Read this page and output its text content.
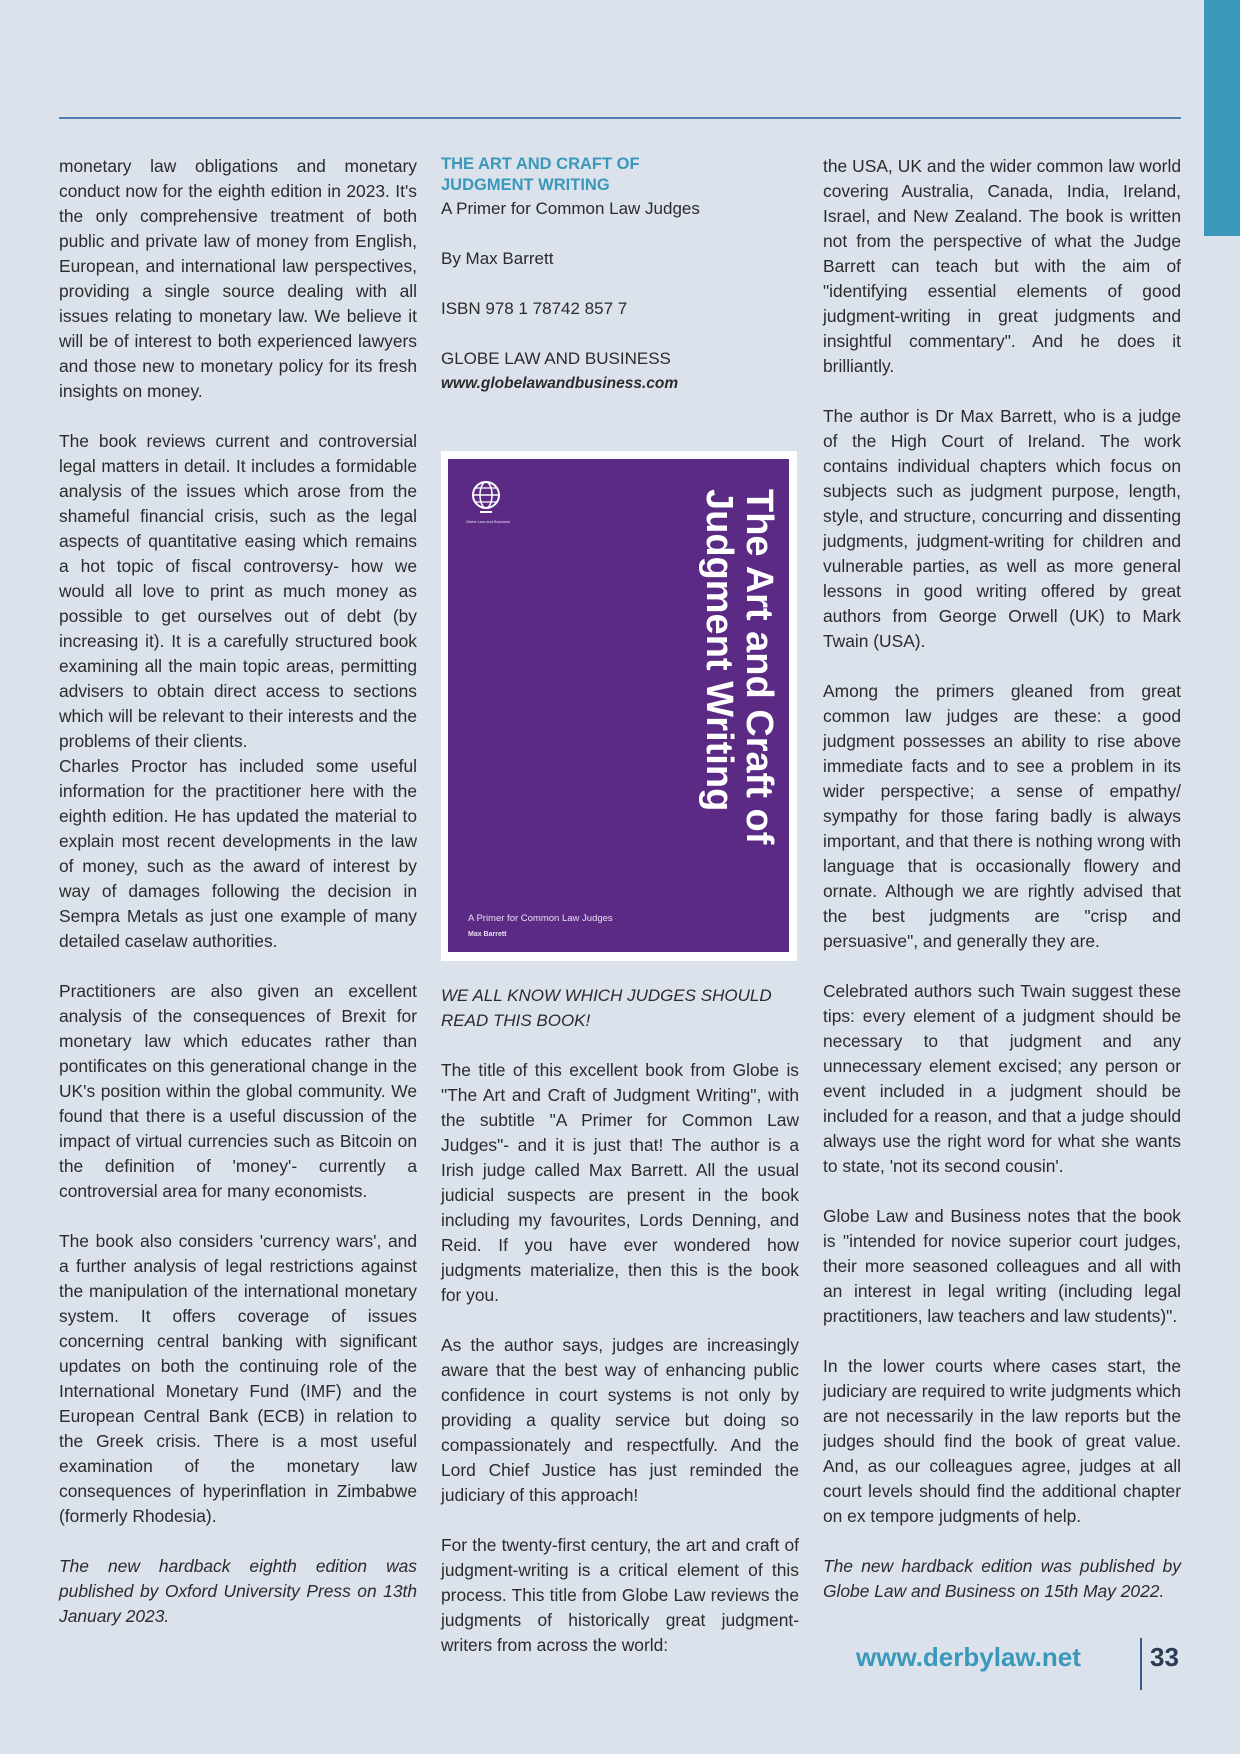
monetary law obligations and monetary conduct now for the eighth edition in 2023. It's the only comprehensive treatment of both public and private law of money from English, European, and international law perspectives, providing a single source dealing with all issues relating to monetary law. We believe it will be of interest to both experienced lawyers and those new to monetary policy for its fresh insights on money.

The book reviews current and controversial legal matters in detail. It includes a formidable analysis of the issues which arose from the shameful financial crisis, such as the legal aspects of quantitative easing which remains a hot topic of fiscal controversy- how we would all love to print as much money as possible to get ourselves out of debt (by increasing it). It is a carefully structured book examining all the main topic areas, permitting advisers to obtain direct access to sections which will be relevant to their interests and the problems of their clients.

Charles Proctor has included some useful information for the practitioner here with the eighth edition. He has updated the material to explain most recent developments in the law of money, such as the award of interest by way of damages following the decision in Sempra Metals as just one example of many detailed caselaw authorities.

Practitioners are also given an excellent analysis of the consequences of Brexit for monetary law which educates rather than pontificates on this generational change in the UK's position within the global community. We found that there is a useful discussion of the impact of virtual currencies such as Bitcoin on the definition of 'money'- currently a controversial area for many economists.

The book also considers 'currency wars', and a further analysis of legal restrictions against the manipulation of the international monetary system. It offers coverage of issues concerning central banking with significant updates on both the continuing role of the International Monetary Fund (IMF) and the European Central Bank (ECB) in relation to the Greek crisis. There is a most useful examination of the monetary law consequences of hyperinflation in Zimbabwe (formerly Rhodesia).

The new hardback eighth edition was published by Oxford University Press on 13th January 2023.

THE ART AND CRAFT OF

JUDGMENT WRITING

A Primer for Common Law Judges

By Max Barrett

ISBN 978 1 78742 857 7

GLOBE LAW AND BUSINESS

www.globelawandbusiness.com

Globe Law and Business	The Art and Craft of
Judgment Writing
A Primer for Common Law Judges
Max Barrett

WE ALL KNOW WHICH JUDGES SHOULD READ THIS BOOK!

The title of this excellent book from Globe is "The Art and Craft of Judgment Writing", with the subtitle "A Primer for Common Law Judges"- and it is just that! The author is a Irish judge called Max Barrett. All the usual judicial suspects are present in the book including my favourites, Lords Denning, and Reid. If you have ever wondered how judgments materialize, then this is the book for you.

As the author says, judges are increasingly aware that the best way of enhancing public confidence in court systems is not only by providing a quality service but doing so compassionately and respectfully. And the Lord Chief Justice has just reminded the judiciary of this approach!

For the twenty-first century, the art and craft of judgment-writing is a critical element of this process. This title from Globe Law reviews the judgments of historically great judgment-writers from across the world:

the USA, UK and the wider common law world covering Australia, Canada, India, Ireland, Israel, and New Zealand. The book is written not from the perspective of what the Judge Barrett can teach but with the aim of "identifying essential elements of good judgment-writing in great judgments and insightful commentary". And he does it brilliantly.

The author is Dr Max Barrett, who is a judge of the High Court of Ireland. The work contains individual chapters which focus on subjects such as judgment purpose, length, style, and structure, concurring and dissenting judgments, judgment-writing for children and vulnerable parties, as well as more general lessons in good writing offered by great authors from George Orwell (UK) to Mark Twain (USA).

Among the primers gleaned from great common law judges are these: a good judgment possesses an ability to rise above immediate facts and to see a problem in its wider perspective; a sense of empathy/ sympathy for those faring badly is always important, and that there is nothing wrong with language that is occasionally flowery and ornate. Although we are rightly advised that the best judgments are "crisp and persuasive", and generally they are.

Celebrated authors such Twain suggest these tips: every element of a judgment should be necessary to that judgment and any unnecessary element excised; any person or event included in a judgment should be included for a reason, and that a judge should always use the right word for what she wants to state, 'not its second cousin'.

Globe Law and Business notes that the book is "intended for novice superior court judges, their more seasoned colleagues and all with an interest in legal writing (including legal practitioners, law teachers and law students)".

In the lower courts where cases start, the judiciary are required to write judgments which are not necessarily in the law reports but the judges should find the book of great value. And, as our colleagues agree, judges at all court levels should find the additional chapter on ex tempore judgments of help.

The new hardback edition was published by Globe Law and Business on 15th May 2022.

www.derbylaw.net	33
